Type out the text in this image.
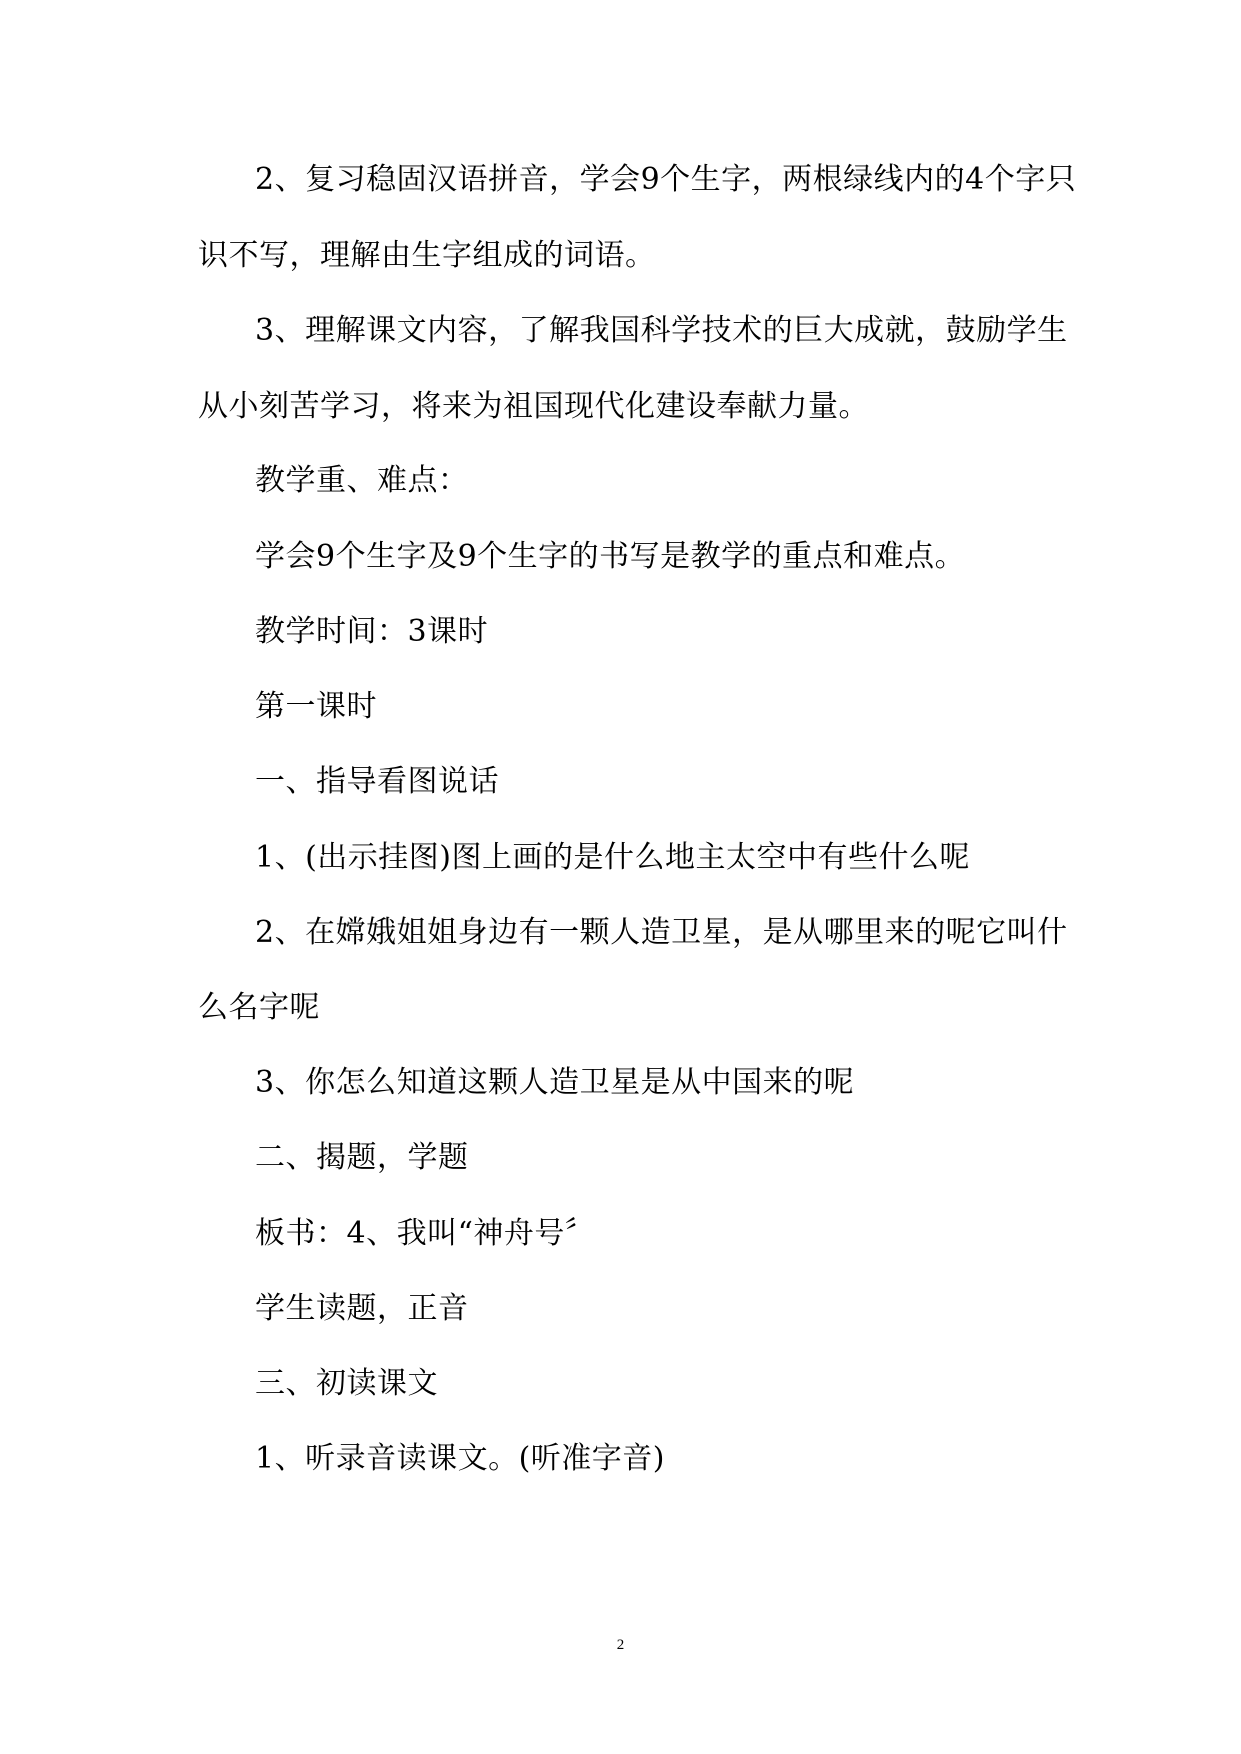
2、复习稳固汉语拼音，学会9个生字，两根绿线内的4个字只
识不写，理解由生字组成的词语。
3、理解课文内容，了解我国科学技术的巨大成就，鼓励学生
从小刻苦学习，将来为祖国现代化建设奉献力量。
教学重、难点：
学会9个生字及9个生字的书写是教学的重点和难点。
教学时间：3课时
第一课时
一、指导看图说话
1、(出示挂图)图上画的是什么地主太空中有些什么呢
2、在嫦娥姐姐身边有一颗人造卫星，是从哪里来的呢它叫什
么名字呢
3、你怎么知道这颗人造卫星是从中国来的呢
二、揭题，学题
板书：4、我叫“神舟号〞
学生读题，正音
三、初读课文
1、听录音读课文。(听准字音)
2
